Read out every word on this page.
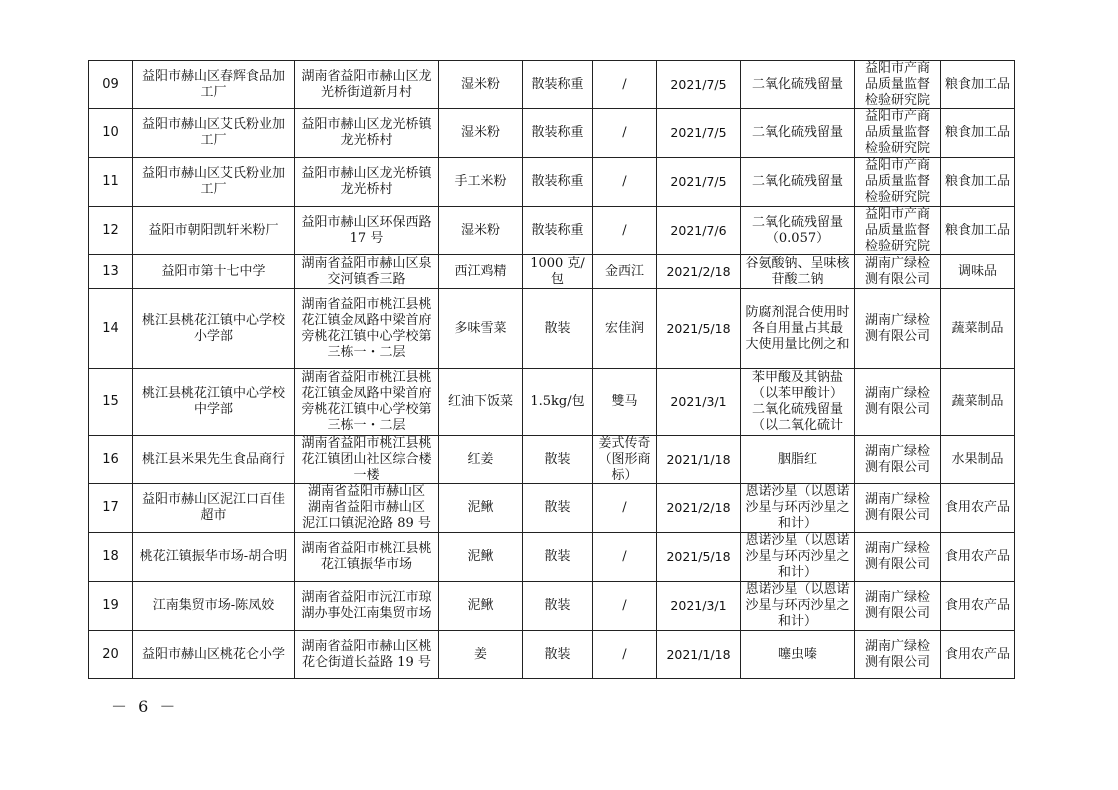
09	益阳市赫山区春辉食品加工厂	湖南省益阳市赫山区龙光桥街道新月村	湿米粉	散装称重	/	2021/7/5	二氧化硫残留量	益阳市产商品质量监督检验研究院	粮食加工品

10	益阳市赫山区艾氏粉业加工厂	益阳市赫山区龙光桥镇龙光桥村	湿米粉	散装称重	/	2021/7/5	二氧化硫残留量	益阳市产商品质量监督检验研究院	粮食加工品

11	益阳市赫山区艾氏粉业加工厂	益阳市赫山区龙光桥镇龙光桥村	手工米粉	散装称重	/	2021/7/5	二氧化硫残留量	益阳市产商品质量监督检验研究院	粮食加工品

12	益阳市朝阳凯轩米粉厂	益阳市赫山区环保西路 17 号	湿米粉	散装称重	/	2021/7/6	二氧化硫残留量
（0.057）	益阳市产商品质量监督检验研究院	粮食加工品

13	益阳市第十七中学	湖南省益阳市赫山区泉交河镇香三路	西江鸡精	1000 克/包	金西江	2021/2/18	谷氨酸钠、呈味核苷酸二钠	湖南广绿检测有限公司	调味品

14	桃江县桃花江镇中心学校小学部	湖南省益阳市桃江县桃花江镇金凤路中梁首府旁桃花江镇中心学校第三栋一・二层	多味雪菜	散装	宏佳润	2021/5/18	防腐剂混合使用时各自用量占其最
大使用量比例之和	湖南广绿检测有限公司	蔬菜制品

15	桃江县桃花江镇中心学校中学部	湖南省益阳市桃江县桃花江镇金凤路中梁首府旁桃花江镇中心学校第三栋一・二层	红油下饭菜	1.5kg/包	雙马	2021/3/1	苯甲酸及其钠盐（以苯甲酸计）
二氧化硫残留量（以二氧化硫计	湖南广绿检测有限公司	蔬菜制品

16	桃江县米果先生食品商行	湖南省益阳市桃江县桃花江镇团山社区综合楼一楼	红姜	散装	姜式传奇（图形商标）	2021/1/18	胭脂红	湖南广绿检测有限公司	水果制品

17	益阳市赫山区泥江口百佳超市	湖南省益阳市赫山区
湖南省益阳市赫山区
泥江口镇泥沧路 89 号	泥鳅	散装	/	2021/2/18	恩诺沙星（以恩诺沙星与环丙沙星之和计）	湖南广绿检测有限公司	食用农产品

18	桃花江镇振华市场-胡合明	湖南省益阳市桃江县桃花江镇振华市场	泥鳅	散装	/	2021/5/18	恩诺沙星（以恩诺沙星与环丙沙星之和计）	湖南广绿检测有限公司	食用农产品

19	江南集贸市场-陈凤姣	湖南省益阳市沅江市琼湖办事处江南集贸市场	泥鳅	散装	/	2021/3/1	恩诺沙星（以恩诺沙星与环丙沙星之和计）	湖南广绿检测有限公司	食用农产品

20	益阳市赫山区桃花仑小学	湖南省益阳市赫山区桃花仑街道长益路 19 号	姜	散装	/	2021/1/18	噻虫嗪	湖南广绿检测有限公司	食用农产品
－ 6 －
